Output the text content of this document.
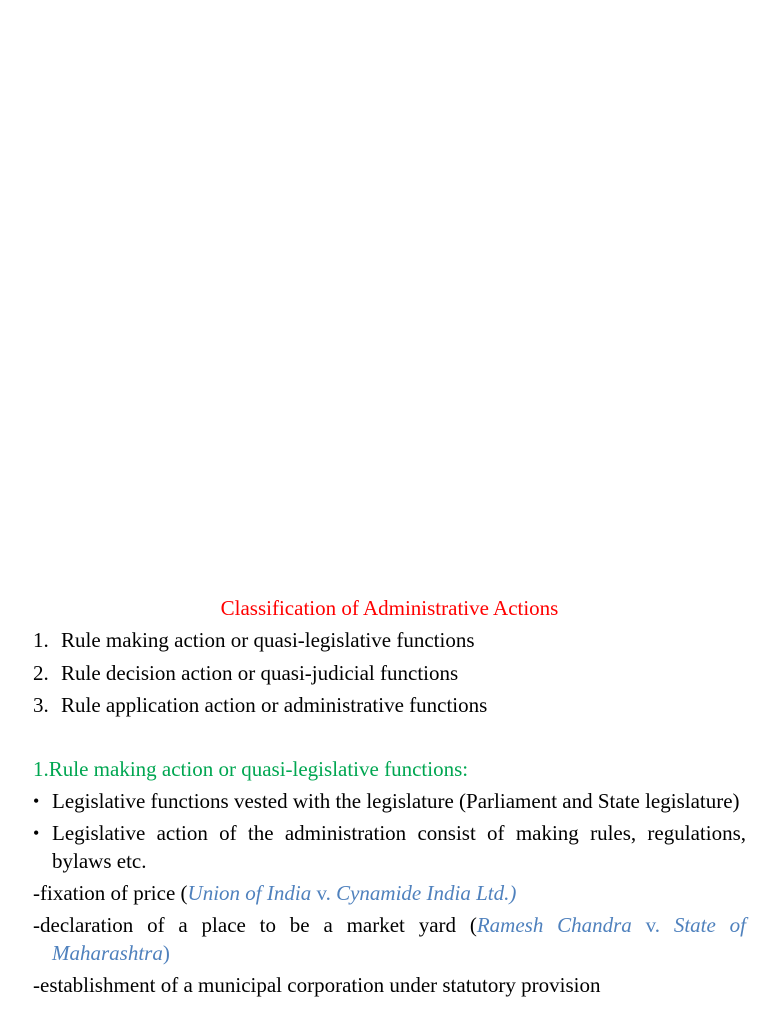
Classification of Administrative Actions
1. Rule making action or quasi-legislative functions
2. Rule decision action or quasi-judicial functions
3. Rule application action or administrative functions
1.Rule making action or quasi-legislative functions:
• Legislative functions vested with the legislature (Parliament and State legislature)
• Legislative action of the administration consist of making rules, regulations, bylaws etc.

-fixation of price (Union of India v. Cynamide India Ltd.)

-declaration of a place to be a market yard (Ramesh Chandra v. State of Maharashtra)

-establishment of a municipal corporation under statutory provision
